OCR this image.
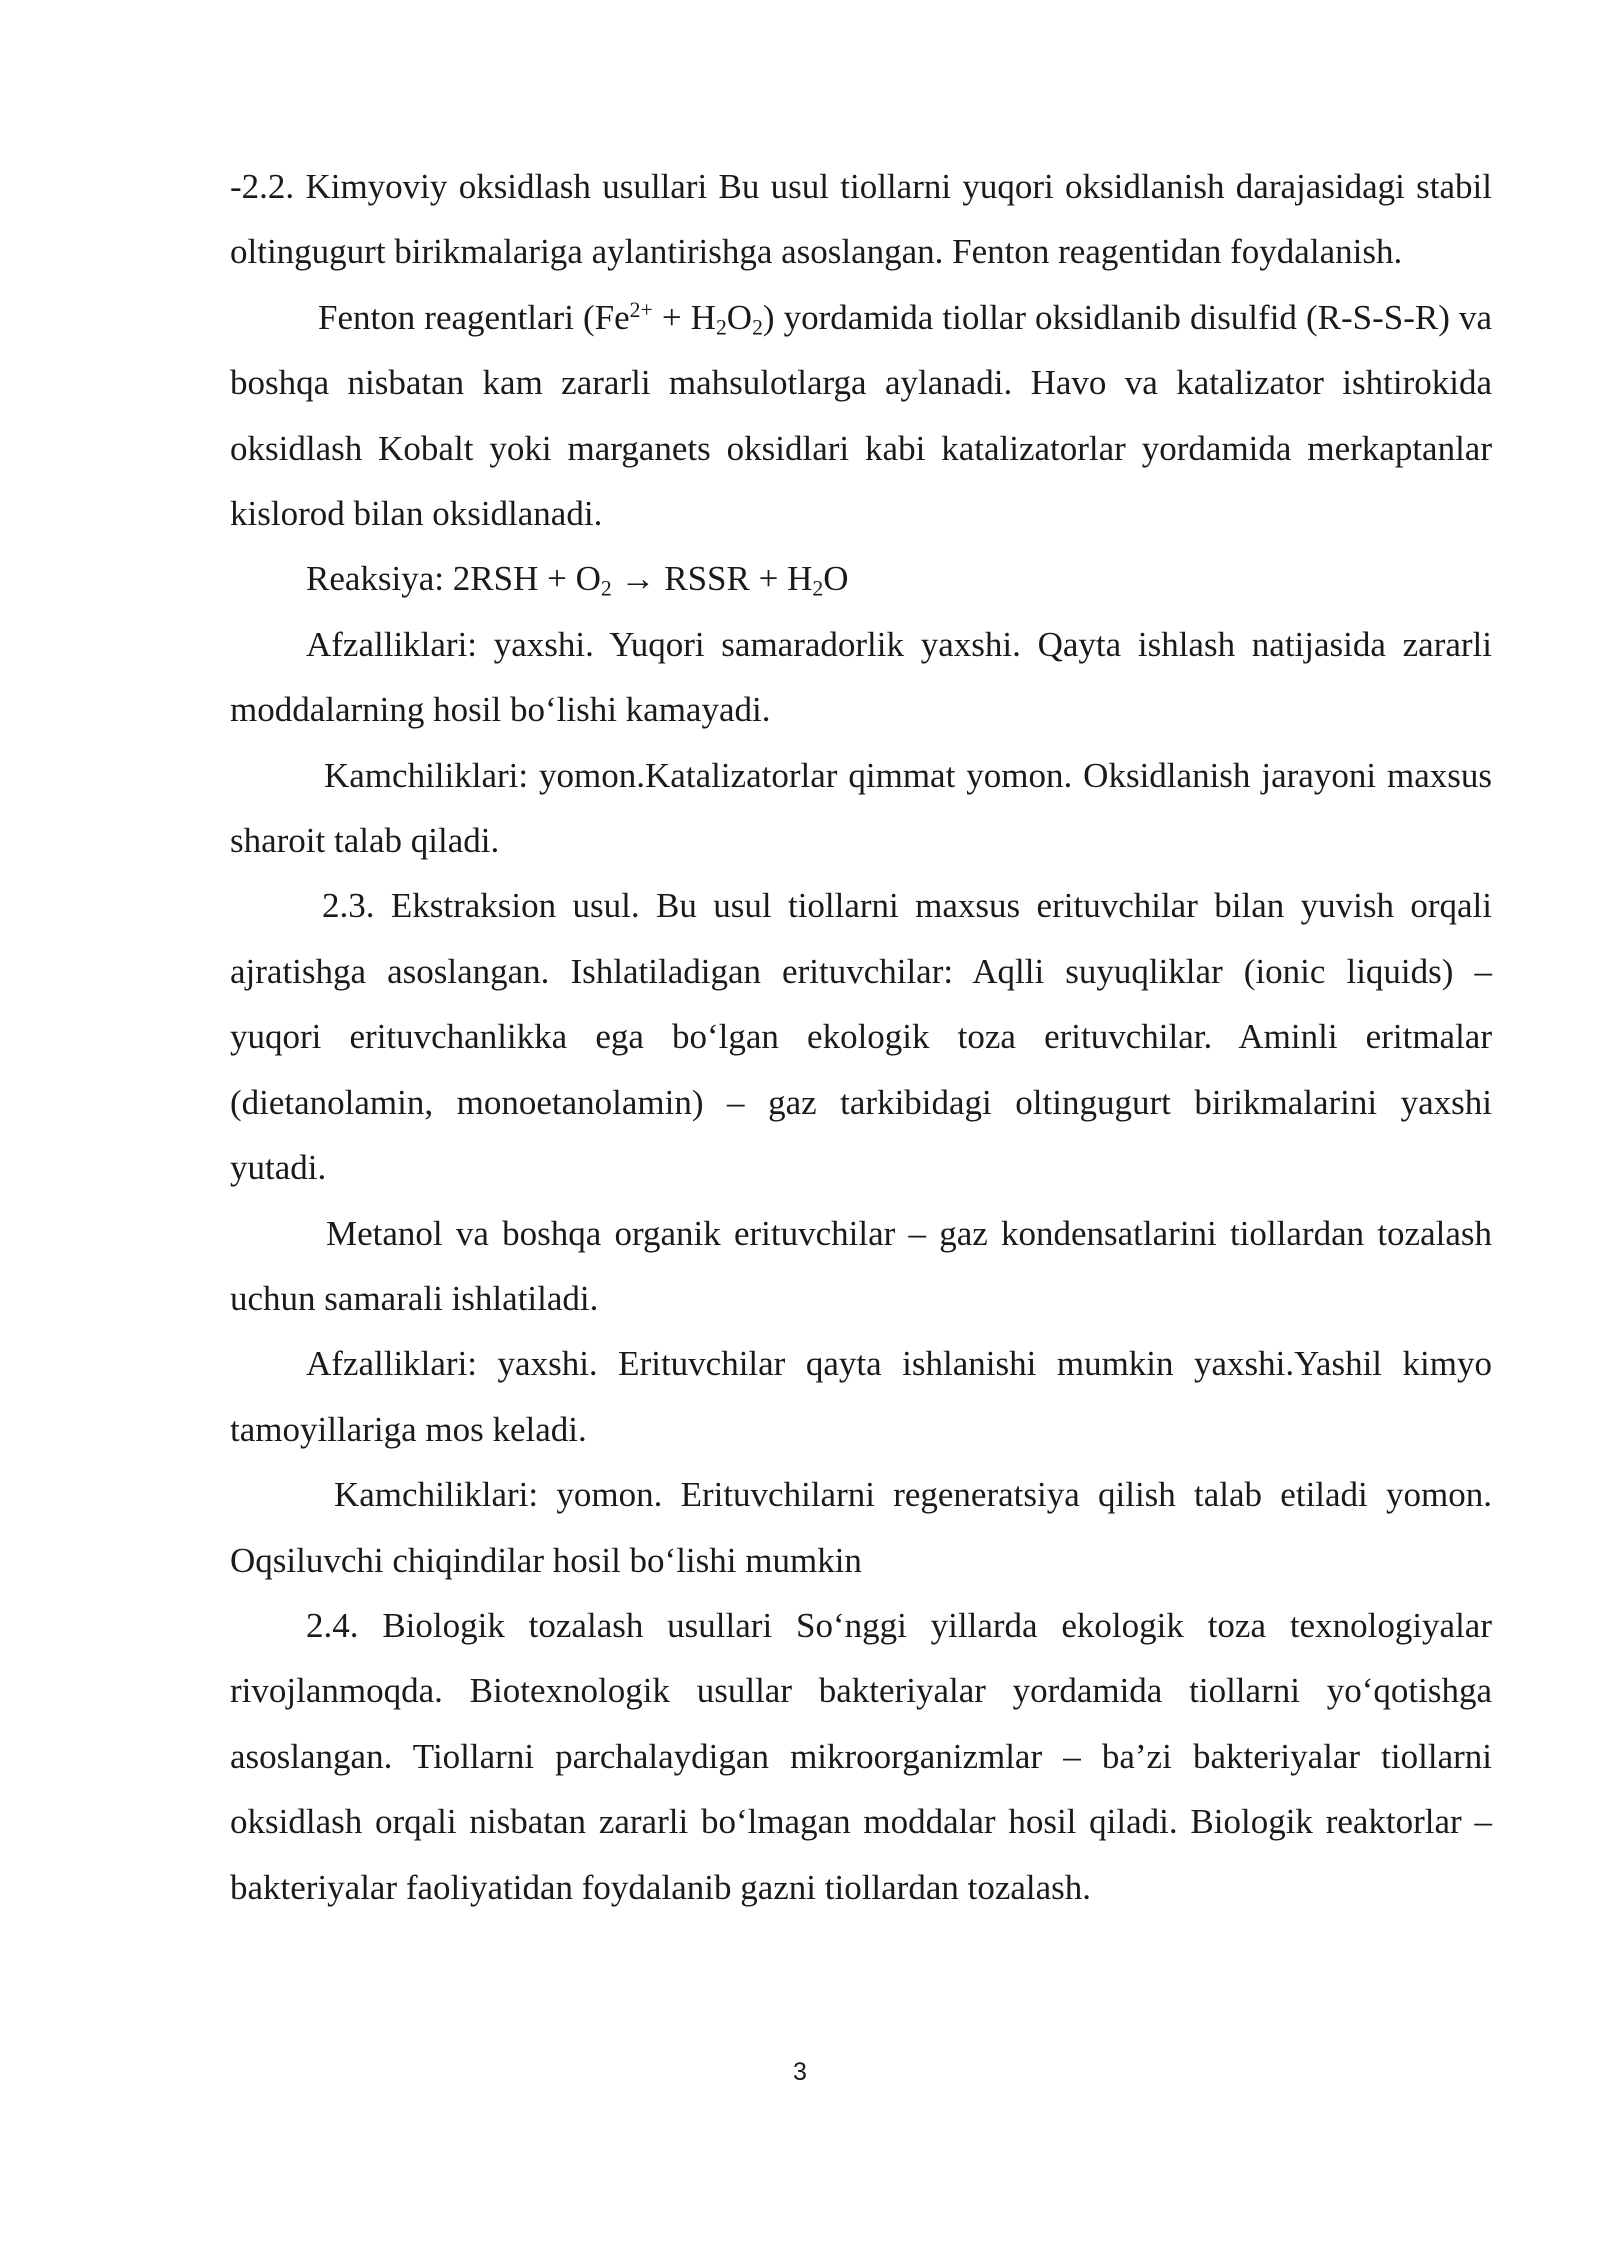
-2.2. Kimyoviy oksidlash usullari Bu usul tiollarni yuqori oksidlanish darajasidagi stabil oltingugurt birikmalariga aylantirishga asoslangan. Fenton reagentidan foydalanish.

Fenton reagentlari $(Fe^{2+} + H_2O_2)$ yordamida tiollar oksidlanib disulfid (R-S-S-R) va boshqa nisbatan kam zararli mahsulotlarga aylanadi. Havo va katalizator ishtirokida oksidlash Kobalt yoki marganets oksidlari kabi katalizatorlar yordamida merkaptanlar kislorod bilan oksidlanadi.

Reaksiya: $2RSH + O_2$ → RSSR + $H_2O$

Afzalliklari: yaxshi. Yuqori samaradorlik yaxshi. Qayta ishlash natijasida zararli moddalarning hosil bo‘lishi kamayadi.

Kamchiliklari: yomon.Katalizatorlar qimmat yomon. Oksidlanish jarayoni maxsus sharoit talab qiladi.

2.3. Ekstraksion usul. Bu usul tiollarni maxsus erituvchilar bilan yuvish orqali ajratishga asoslangan. Ishlatiladigan erituvchilar: Aqlli suyuqliklar (ionic liquids) – yuqori erituvchanlikka ega bo‘lgan ekologik toza erituvchilar. Aminli eritmalar (dietanolamin, monoetanolamin) – gaz tarkibidagi oltingugurt birikmalarini yaxshi yutadi.

Metanol va boshqa organik erituvchilar – gaz kondensatlarini tiollardan tozalash uchun samarali ishlatiladi.

Afzalliklari: yaxshi. Erituvchilar qayta ishlanishi mumkin yaxshi.Yashil kimyo tamoyillariga mos keladi.

Kamchiliklari: yomon. Erituvchilarni regeneratsiya qilish talab etiladi yomon. Oqsiluvchi chiqindilar hosil bo‘lishi mumkin

2.4. Biologik tozalash usullari So‘nggi yillarda ekologik toza texnologiyalar rivojlanmoqda. Biotexnologik usullar bakteriyalar yordamida tiollarni yo‘qotishga asoslangan. Tiollarni parchalaydigan mikroorganizmlar – ba’zi bakteriyalar tiollarni oksidlash orqali nisbatan zararli bo‘lmagan moddalar hosil qiladi. Biologik reaktorlar – bakteriyalar faoliyatidan foydalanib gazni tiollardan tozalash.

3
